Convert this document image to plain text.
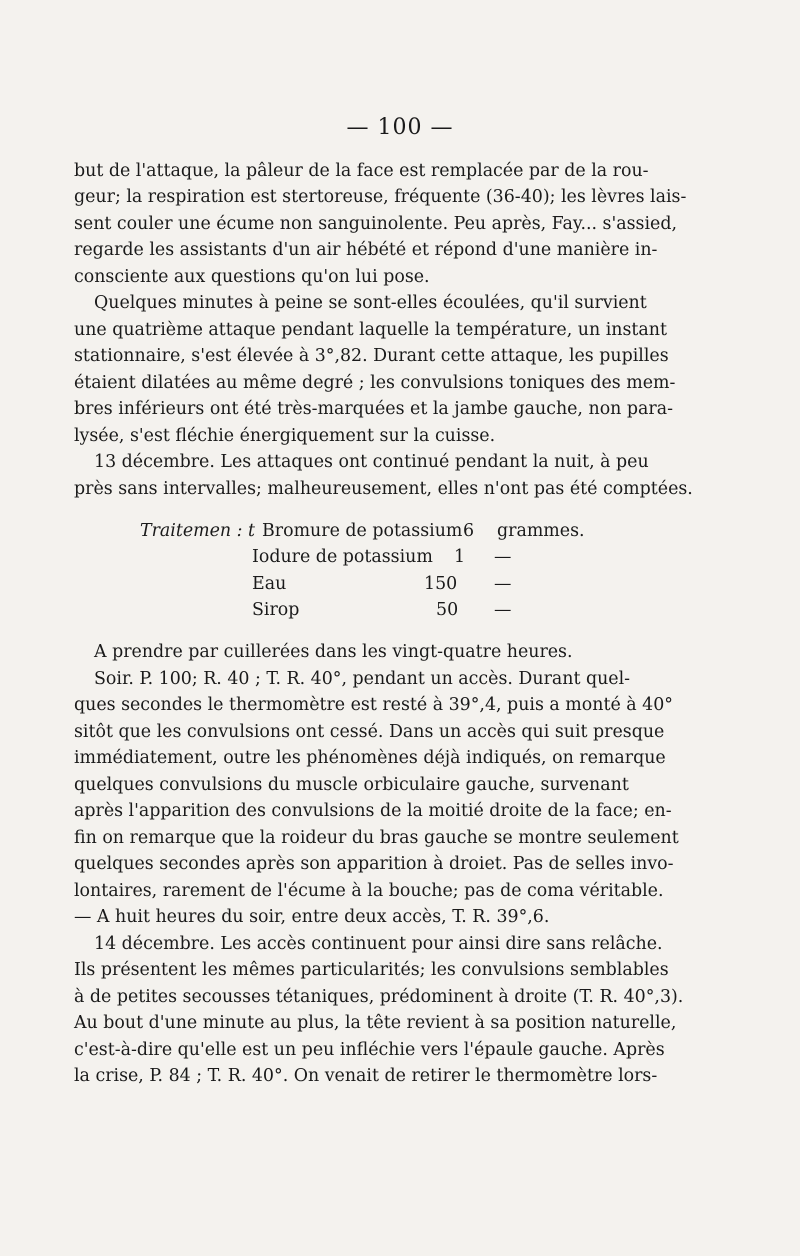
— 100 —
but de l'attaque, la pâleur de la face est remplacée par de la rou-
geur; la respiration est stertoreuse, fréquente (36-40); les lèvres lais-
sent couler une écume non sanguinolente. Peu après, Fay... s'assied,
regarde les assistants d'un air hébété et répond d'une manière in-
consciente aux questions qu'on lui pose.
Quelques minutes à peine se sont-elles écoulées, qu'il survient
une quatrième attaque pendant laquelle la température, un instant
stationnaire, s'est élevée à 3°,82. Durant cette attaque, les pupilles
étaient dilatées au même degré ; les convulsions toniques des mem-
bres inférieurs ont été très-marquées et la jambe gauche, non para-
lysée, s'est fléchie énergiquement sur la cuisse.
13 décembre. Les attaques ont continué pendant la nuit, à peu
près sans intervalles; malheureusement, elles n'ont pas été comptées.
Traitemen : t Bromure de potassium 6 grammes.
Iodure de potassium 1 —
Eau	150 —
Sirop	50 —
A prendre par cuillerées dans les vingt-quatre heures.
Soir. P. 100; R. 40 ; T. R. 40°, pendant un accès. Durant quel-
ques secondes le thermomètre est resté à 39°,4, puis a monté à 40°
sitôt que les convulsions ont cessé. Dans un accès qui suit presque
immédiatement, outre les phénomènes déjà indiqués, on remarque
quelques convulsions du muscle orbiculaire gauche, survenant
après l'apparition des convulsions de la moitié droite de la face; en-
fin on remarque que la roideur du bras gauche se montre seulement
quelques secondes après son apparition à droiet. Pas de selles invo-
lontaires, rarement de l'écume à la bouche; pas de coma véritable.
— A huit heures du soir, entre deux accès, T. R. 39°,6.
14 décembre. Les accès continuent pour ainsi dire sans relâche.
Ils présentent les mêmes particularités; les convulsions semblables
à de petites secousses tétaniques, prédominent à droite (T. R. 40°,3).
Au bout d'une minute au plus, la tête revient à sa position naturelle,
c'est-à-dire qu'elle est un peu infléchie vers l'épaule gauche. Après
la crise, P. 84 ; T. R. 40°. On venait de retirer le thermomètre lors-
